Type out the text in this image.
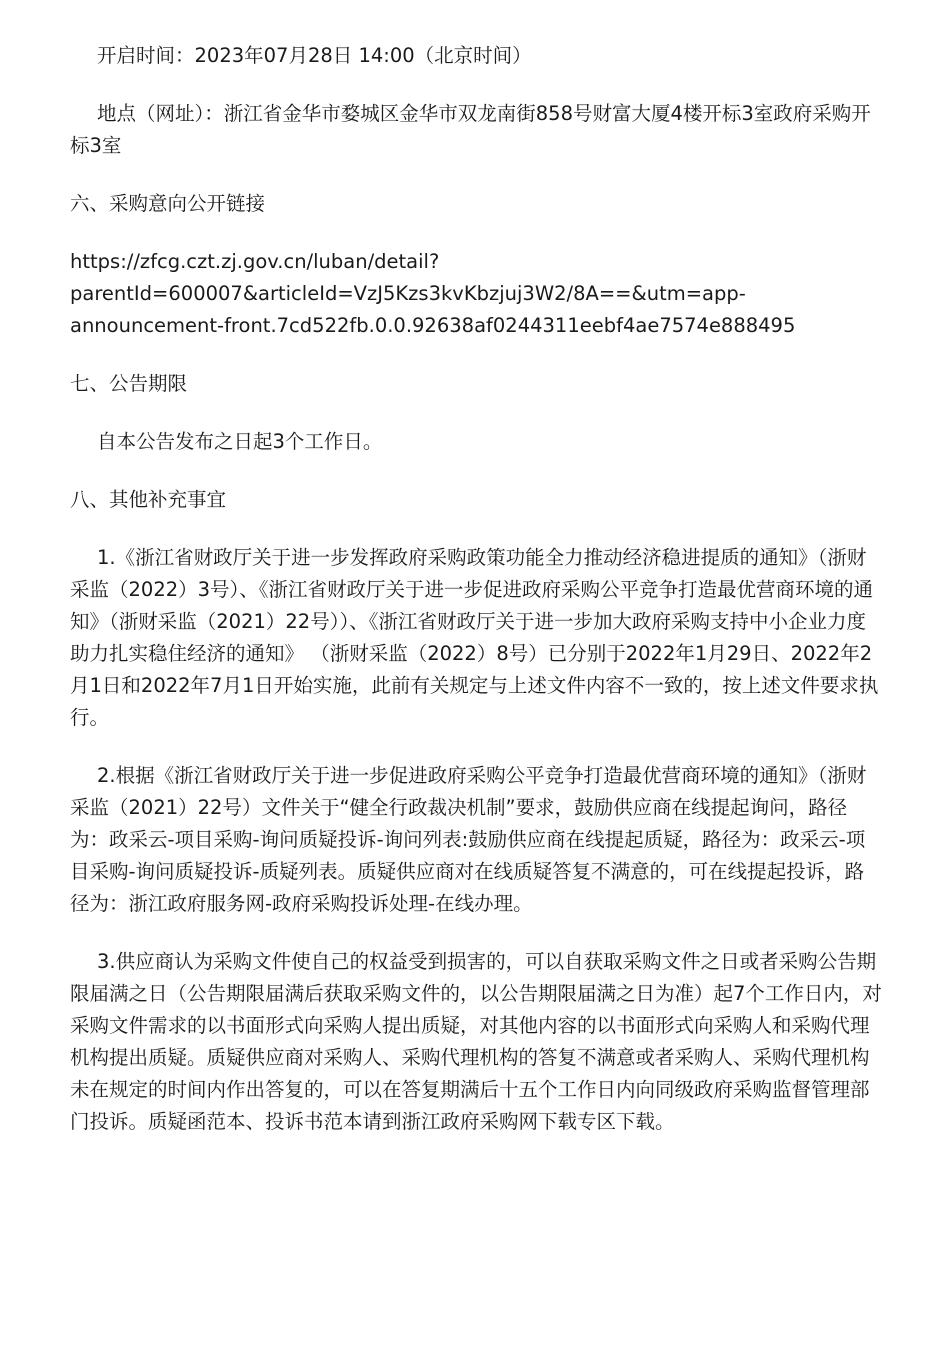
开启时间：2023年07月28日 14:00（北京时间）

地点（网址）：浙江省金华市婺城区金华市双龙南街858号财富大厦4楼开标3室政府采购开标3室

六、采购意向公开链接

https://zfcg.czt.zj.gov.cn/luban/detail?
parentId=600007&articleId=VzJ5Kzs3kvKbzjuj3W2/8A==&utm=app-
announcement-front.7cd522fb.0.0.92638af0244311eebf4ae7574e888495

七、公告期限

自本公告发布之日起3个工作日。

八、其他补充事宜

1.《浙江省财政厅关于进一步发挥政府采购政策功能全力推动经济稳进提质的通知》（浙财采监（2022）3号）、《浙江省财政厅关于进一步促进政府采购公平竞争打造最优营商环境的通知》（浙财采监（2021）22号））、《浙江省财政厅关于进一步加大政府采购支持中小企业力度助力扎实稳住经济的通知》 （浙财采监（2022）8号）已分别于2022年1月29日、2022年2月1日和2022年7月1日开始实施，此前有关规定与上述文件内容不一致的，按上述文件要求执行。

2.根据《浙江省财政厅关于进一步促进政府采购公平竞争打造最优营商环境的通知》（浙财采监（2021）22号）文件关于“健全行政裁决机制”要求，鼓励供应商在线提起询问，路径为：政采云-项目采购-询问质疑投诉-询问列表:鼓励供应商在线提起质疑，路径为：政采云-项目采购-询问质疑投诉-质疑列表。质疑供应商对在线质疑答复不满意的，可在线提起投诉，路径为：浙江政府服务网-政府采购投诉处理-在线办理。

3.供应商认为采购文件使自己的权益受到损害的，可以自获取采购文件之日或者采购公告期限届满之日（公告期限届满后获取采购文件的，以公告期限届满之日为准）起7个工作日内，对采购文件需求的以书面形式向采购人提出质疑，对其他内容的以书面形式向采购人和采购代理机构提出质疑。质疑供应商对采购人、采购代理机构的答复不满意或者采购人、采购代理机构未在规定的时间内作出答复的，可以在答复期满后十五个工作日内向同级政府采购监督管理部门投诉。质疑函范本、投诉书范本请到浙江政府采购网下载专区下载。
